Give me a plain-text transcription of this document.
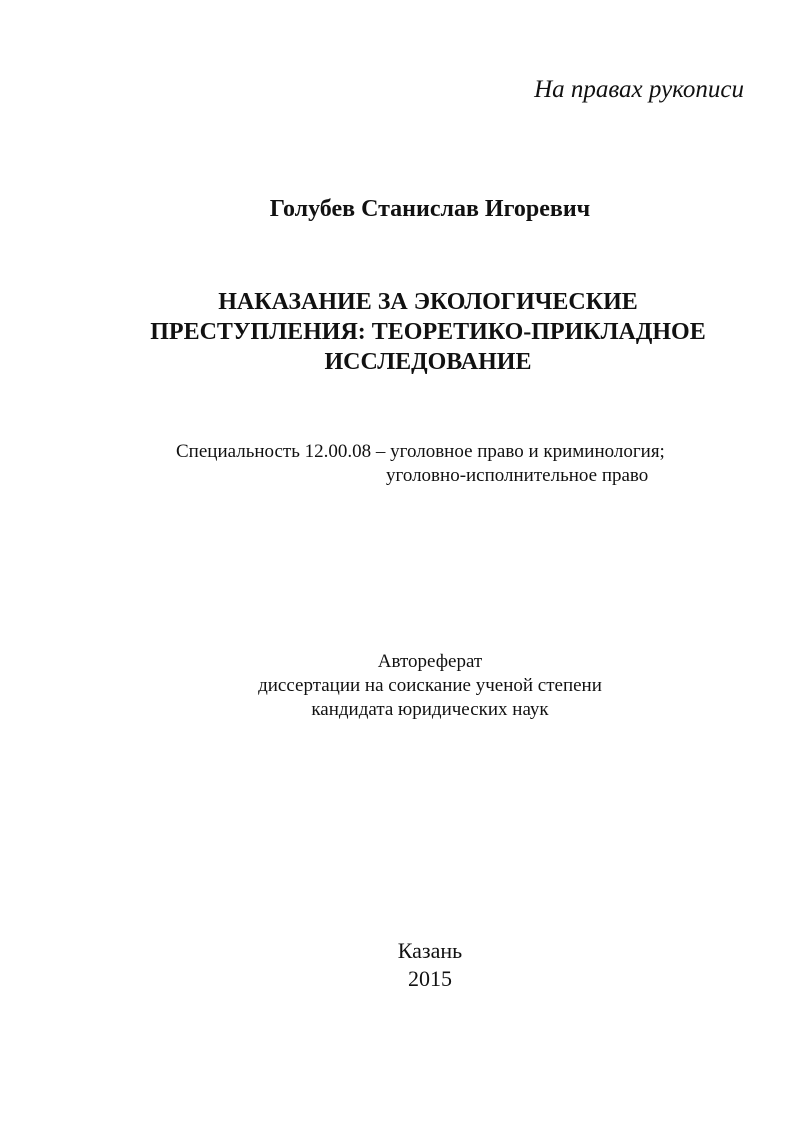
На правах рукописи
Голубев Станислав Игоревич
НАКАЗАНИЕ ЗА ЭКОЛОГИЧЕСКИЕ
ПРЕСТУПЛЕНИЯ: ТЕОРЕТИКО-ПРИКЛАДНОЕ
ИССЛЕДОВАНИЕ
Специальность 12.00.08 – уголовное право и криминология;
уголовно-исполнительное право
Автореферат
диссертации на соискание ученой степени
кандидата юридических наук
Казань
2015
